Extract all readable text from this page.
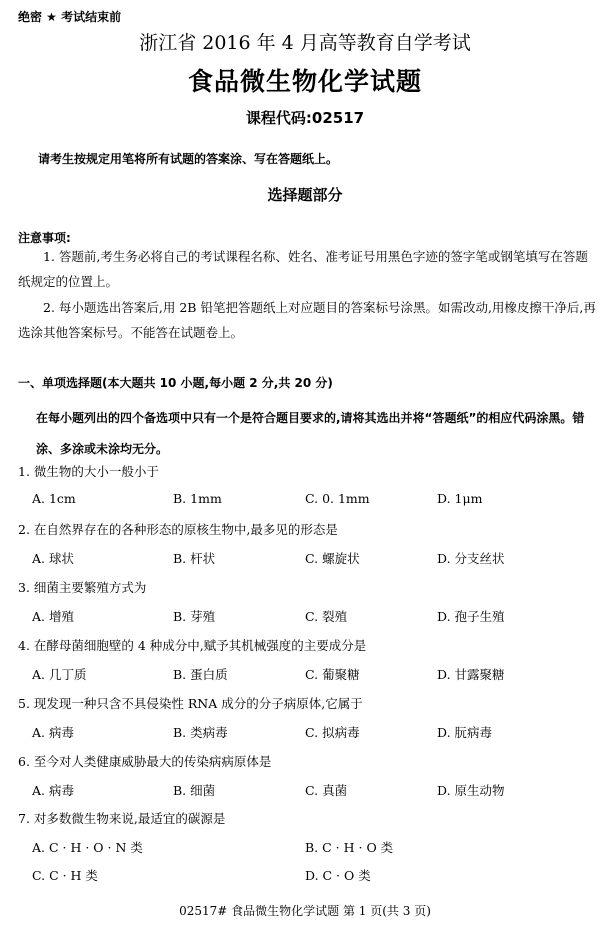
绝密 ★ 考试结束前
浙江省 2016 年 4 月高等教育自学考试
食品微生物化学试题
课程代码:02517
请考生按规定用笔将所有试题的答案涂、写在答题纸上。
选择题部分
注意事项:
1. 答题前,考生务必将自己的考试课程名称、姓名、准考证号用黑色字迹的签字笔或钢笔填写在答题纸规定的位置上。
2. 每小题选出答案后,用 2B 铅笔把答题纸上对应题目的答案标号涂黑。如需改动,用橡皮擦干净后,再选涂其他答案标号。不能答在试题卷上。
一、单项选择题(本大题共 10 小题,每小题 2 分,共 20 分)
在每小题列出的四个备选项中只有一个是符合题目要求的,请将其选出并将“答题纸”的相应代码涂黑。错涂、多涂或未涂均无分。
1. 微生物的大小一般小于
A. 1cm	B. 1mm	C. 0. 1mm	D. 1μm
2. 在自然界存在的各种形态的原核生物中,最多见的形态是
A. 球状	B. 杆状	C. 螺旋状	D. 分支丝状
3. 细菌主要繁殖方式为
A. 增殖	B. 芽殖	C. 裂殖	D. 孢子生殖
4. 在酵母菌细胞壁的 4 种成分中,赋予其机械强度的主要成分是
A. 几丁质	B. 蛋白质	C. 葡聚糖	D. 甘露聚糖
5. 现发现一种只含不具侵染性 RNA 成分的分子病原体,它属于
A. 病毒	B. 类病毒	C. 拟病毒	D. 朊病毒
6. 至今对人类健康威胁最大的传染病病原体是
A. 病毒	B. 细菌	C. 真菌	D. 原生动物
7. 对多数微生物来说,最适宜的碳源是
A. C · H · O · N 类	B. C · H · O 类
C. C · H 类	D. C · O 类
02517# 食品微生物化学试题 第 1 页(共 3 页)
